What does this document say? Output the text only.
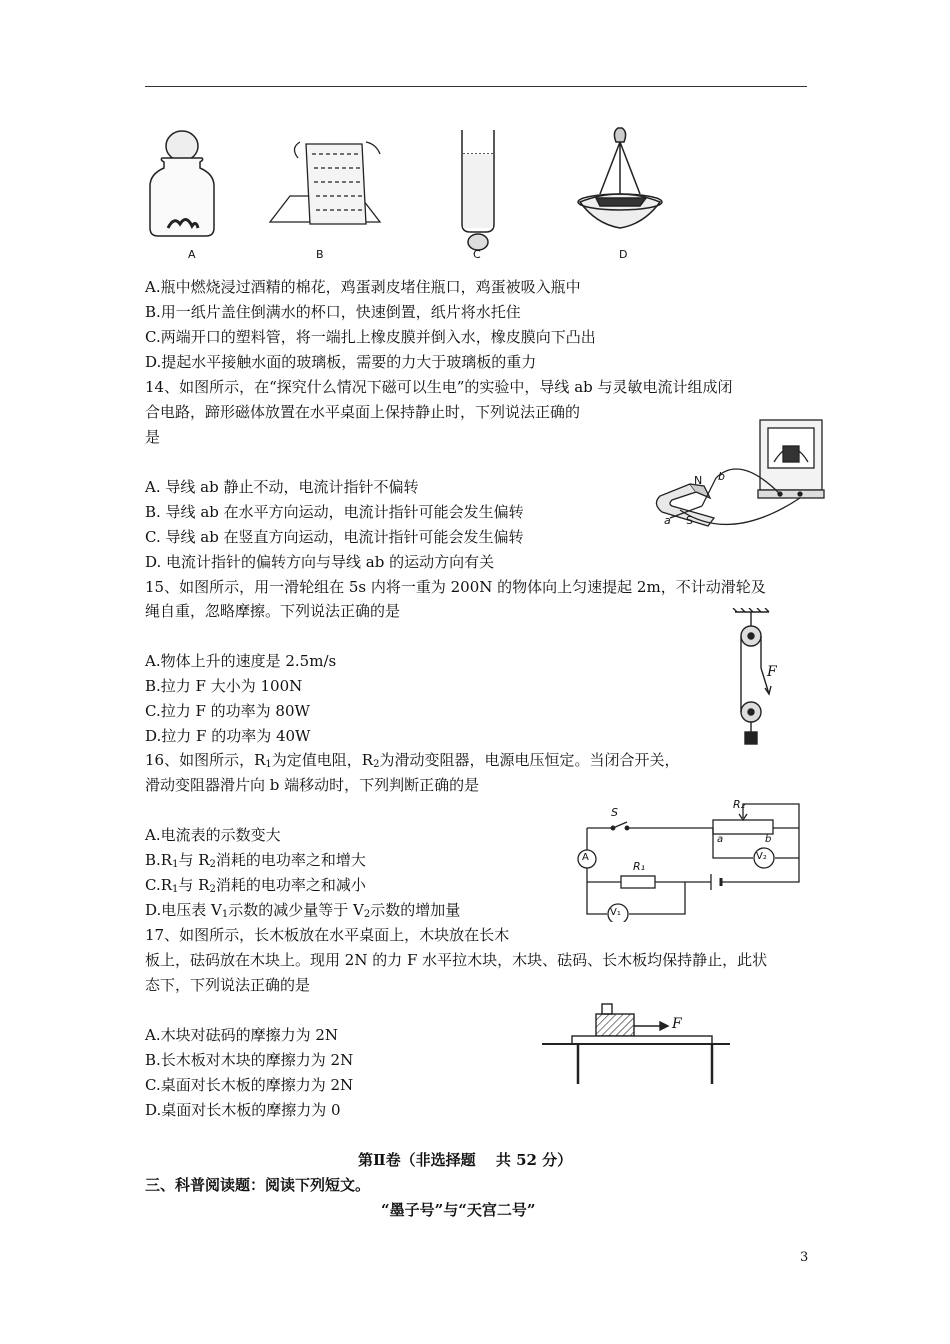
A	B	C	D
A.瓶中燃烧浸过酒精的棉花，鸡蛋剥皮堵住瓶口，鸡蛋被吸入瓶中
B.用一纸片盖住倒满水的杯口，快速倒置，纸片将水托住
C.两端开口的塑料管，将一端扎上橡皮膜并倒入水，橡皮膜向下凸出
D.提起水平接触水面的玻璃板，需要的力大于玻璃板的重力
14、如图所示，在“探究什么情况下磁可以生电”的实验中，导线 ab 与灵敏电流计组成闭
合电路，蹄形磁体放置在水平桌面上保持静止时，下列说法正确的
是
A. 导线 ab 静止不动，电流计指针不偏转
B. 导线 ab 在水平方向运动，电流计指针可能会发生偏转
C. 导线 ab 在竖直方向运动，电流计指针可能会发生偏转
D. 电流计指针的偏转方向与导线 ab 的运动方向有关
N
S
a
b
15、如图所示，用一滑轮组在 5s 内将一重为 200N 的物体向上匀速提起 2m，不计动滑轮及
绳自重，忽略摩擦。下列说法正确的是
A.物体上升的速度是 2.5m/s
B.拉力 F 大小为 100N
C.拉力 F 的功率为 80W
D.拉力 F 的功率为 40W
F
16、如图所示，$R_1$为定值电阻，$R_2$为滑动变阻器，电源电压恒定。当闭合开关，
滑动变阻器滑片向 b 端移动时，下列判断正确的是
A.电流表的示数变大
$B.R_1$与 $R_2$消耗的电功率之和增大
$C.R_1$与 $R_2$消耗的电功率之和减小
D.电压表 $V_1$示数的减少量等于 $V_2$示数的增加量
S
R₂
a	b
R₁
A
V₁
V₂
17、如图所示，长木板放在水平桌面上，木块放在长木
板上，砝码放在木块上。现用 2N 的力 F 水平拉木块，木块、砝码、长木板均保持静止，此状
态下，下列说法正确的是
A.木块对砝码的摩擦力为 2N
B.长木板对木块的摩擦力为 2N
C.桌面对长木板的摩擦力为 2N
D.桌面对长木板的摩擦力为 0
F
第Ⅱ卷（非选择题　 共 52 分）
三、科普阅读题：阅读下列短文。
“墨子号”与“天宫二号”
3
